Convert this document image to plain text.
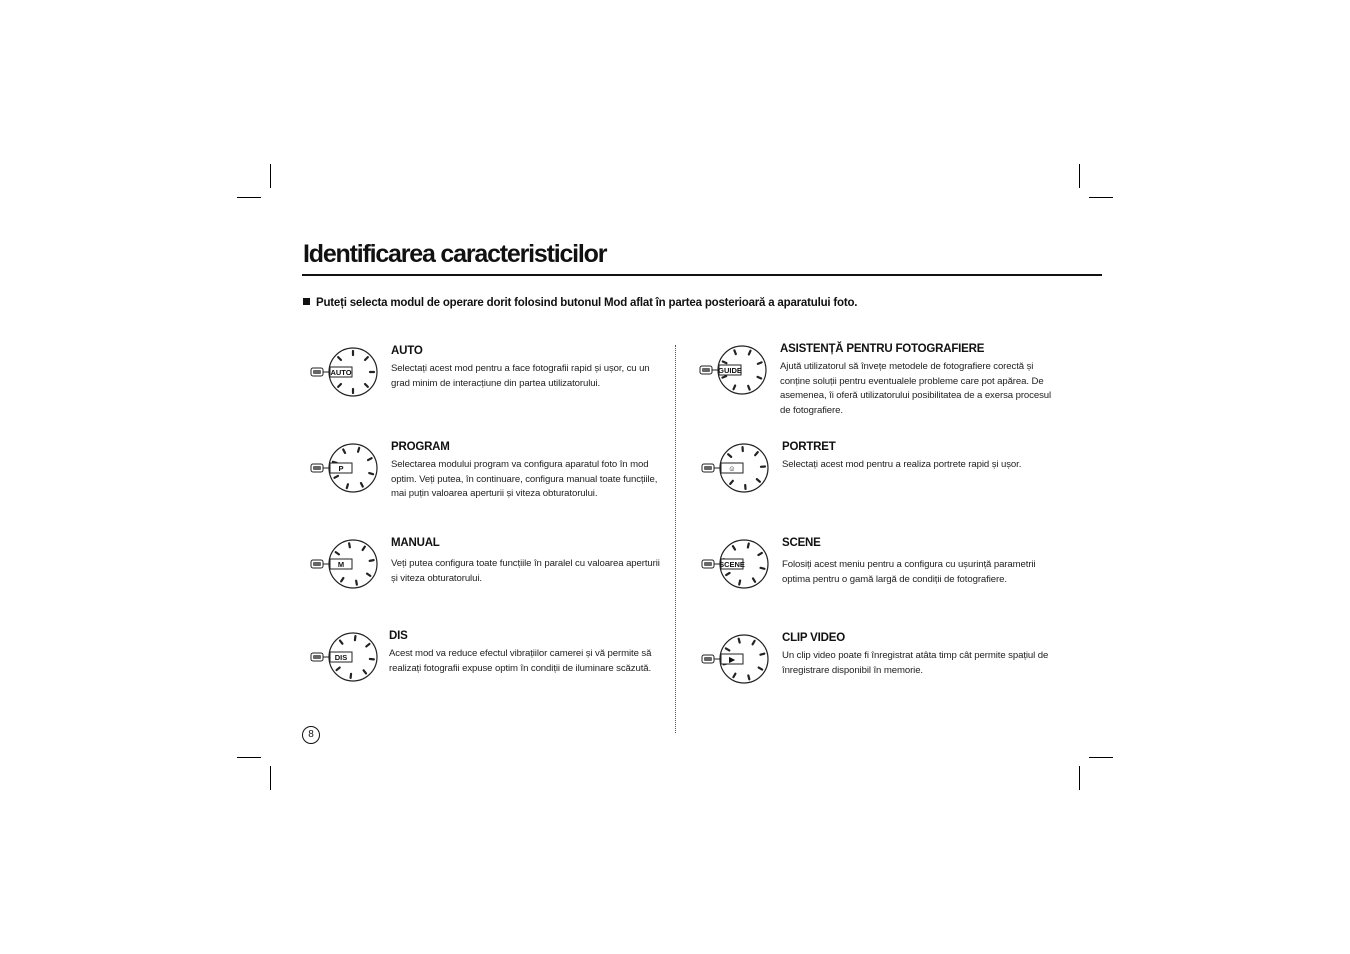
Identificarea caracteristicilor
Puteți selecta modul de operare dorit folosind butonul Mod aflat în partea posterioară a aparatului foto.
AUTO
AUTO
Selectați acest mod pentru a face fotografii rapid și ușor, cu un grad minim de interacțiune din partea utilizatorului.
P
PROGRAM
Selectarea modului program va configura aparatul foto în mod optim. Veți putea, în continuare, configura manual toate funcțiile, mai puțin valoarea aperturii și viteza obturatorului.
M
MANUAL
Veți putea configura toate funcțiile în paralel cu valoarea aperturii și viteza obturatorului.
DIS
DIS
Acest mod va reduce efectul vibrațiilor camerei și vă permite să realizați fotografii expuse optim în condiții de iluminare scăzută.
GUIDE
ASISTENȚĂ PENTRU FOTOGRAFIERE
Ajută utilizatorul să învețe metodele de fotografiere corectă și conține soluții pentru eventualele probleme care pot apărea. De asemenea, îi oferă utilizatorului posibilitatea de a exersa procesul de fotografiere.
☺
PORTRET
Selectați acest mod pentru a realiza portrete rapid și ușor.
SCENE
SCENE
Folosiți acest meniu pentru a configura cu ușurință parametrii optima pentru o gamă largă de condiții de fotografiere.
▶
CLIP VIDEO
Un clip video poate fi înregistrat atâta timp cât permite spațiul de înregistrare disponibil în memorie.
8
